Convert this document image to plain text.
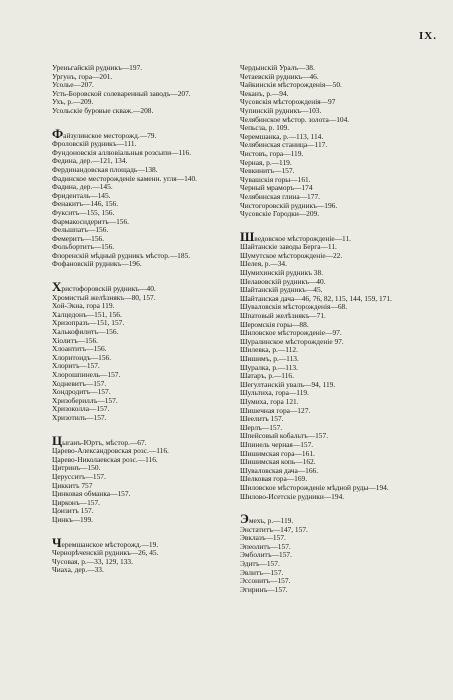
IX.
Уреньгайскій рудникъ—197.
Ургунъ, гора—201.
Усолье—207.
Усть-Боровской солеваренный заводъ—207.
Ухъ, р.—209.
Усольскіе буровые скваж.—208.
Файзулинское месторожд.—79.
Фроловскій рудникъ—111.
Фундоновскія аллювіальныя розсыпи—116.
Федина, дер.—121, 134.
Фердинандовская площадь—138.
Фадинское месторожденіе каменн. угля—140.
Фадина, дер.—145.
Фриденталь—145.
Фенакитъ—146, 156.
Фукситъ—155, 156.
Фармакосидеритъ—156.
Фельшпатъ—156.
Фемеритъ—156.
Фольбортитъ—156.
Флоренскій мѣдный рудникъ мѣстор.—185.
Фофановскій рудникъ—196.
Христофоровскій рудникъ—40.
Хромистый желѣзнякъ—80, 157.
Хой-Экна, гора 119.
Халцедонъ—151, 156.
Хризопразъ—151, 157.
Халькофилитъ—156.
Хіолитъ—156.
Хлоантитъ—156.
Хлоритоидъ—156.
Хлоритъ—157.
Хлорошпинель—157.
Ходневитъ—157.
Хондродитъ—157.
Хризобериллъ—157.
Хризоколла—157.
Хризотилъ—157.
Цыганъ-Юртъ, мѣстор.—67.
Царево-Александровская розс.—116.
Царево-Николаевская розс.—116.
Цитринъ—150.
Церусситъ—157.
Циккитъ 757
Цинковая обманка—157.
Цирконъ—157.
Цоизитъ 157.
Цинкъ—199.
Черемшанское мѣсторожд.—19.
Чернорѣченскій рудникъ—26, 45.
Чусовая, р.—33, 129, 133.
Чиаха, дер.—33.
Чердынскій Уралъ—38.
Четаевскій рудникъ—46.
Чайкинскія мѣсторожденія—50.
Чеканъ, р.—94.
Чусовскія мѣсторожденія—97
Чупинскій рудникъ—103.
Челябинское мѣстор. золота—104.
Чепьсза, р. 109.
Черемшанка, р.—113, 114.
Челябинская станица—117.
Чистовъ, гора—119.
Черная, р.—119.
Чевкинитъ—157.
Чувашскія горы—161.
Черный мраморъ—174
Челябинская глина—177.
Чистогоровскій рудникъ—196.
Чусовскіе Городки—209.
Шведовское мѣсторожденіе—11.
Шайтанскіе заводы Берга—11.
Шумутское мѣсторожденіе—22.
Шелея, р.—34.
Шумихинскій рудникъ 38.
Шелавовскій рудникъ—40.
Шайтанскій рудникъ—45.
Шайтанская дача—46, 76, 82, 115, 144, 159, 171.
Шуваловскія мѣсторожденія—68.
Шпатовый желѣзнякъ—71.
Шеромскія горы—88.
Шиловское мѣсторожденіе—97.
Шуралинское мѣсторожденіе 97.
Шилевка, р.—112.
Шишимъ, р.—113.
Шуралка, р.—113.
Шатаръ, р.—116.
Шегултанскій увалъ—94, 119.
Шультиха, гора—119.
Шумиха, гора 121.
Шишечная гора—127.
Шеелитъ 157.
Шерлъ—157.
Шпейсовый кобальтъ—157.
Шпинель черная—157.
Шишимская гора—161.
Шишимская копь—162.
Шуваловская дача—166.
Шелковая гора—169.
Шиловское мѣсторожденіе мѣдной руды—194.
Шилово-Исетскіе рудники—194.
Эмехъ, р.—119.
Энстатитъ—147, 157.
Эвклазъ—157.
Эпеолитъ—157.
Эмболитъ—157.
Эдитъ—157.
Эвлитъ—157.
Эссонитъ—157.
Эгиринъ—157.
